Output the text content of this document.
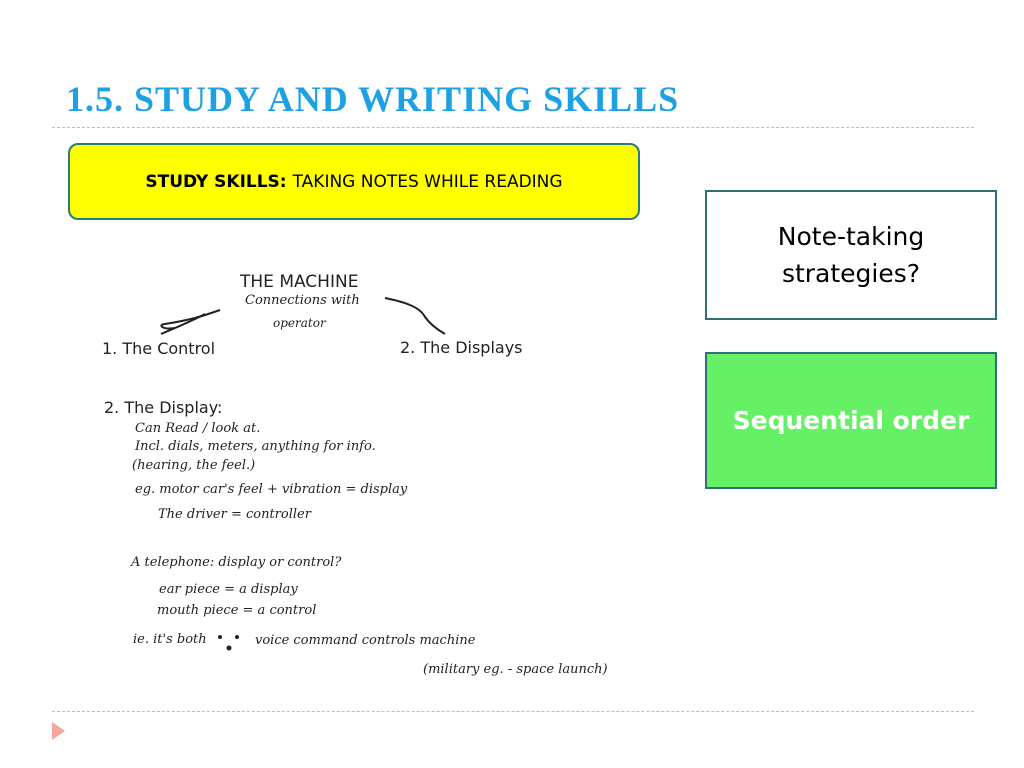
1.5. STUDY AND WRITING SKILLS
STUDY SKILLS: TAKING NOTES WHILE READING
Note-taking strategies?
Sequential order
THE MACHINE
Connections with
operator
1. The Control	2. The Displays
2. The Display:
Can Read / look at.
Incl. dials, meters, anything for info.
(hearing, the feel.)
eg. motor car's feel + vibration = display
The driver = controller
A telephone: display or control?
ear piece = a display
mouth piece = a control
ie. it's both	voice command controls machine
(military eg. - space launch)
